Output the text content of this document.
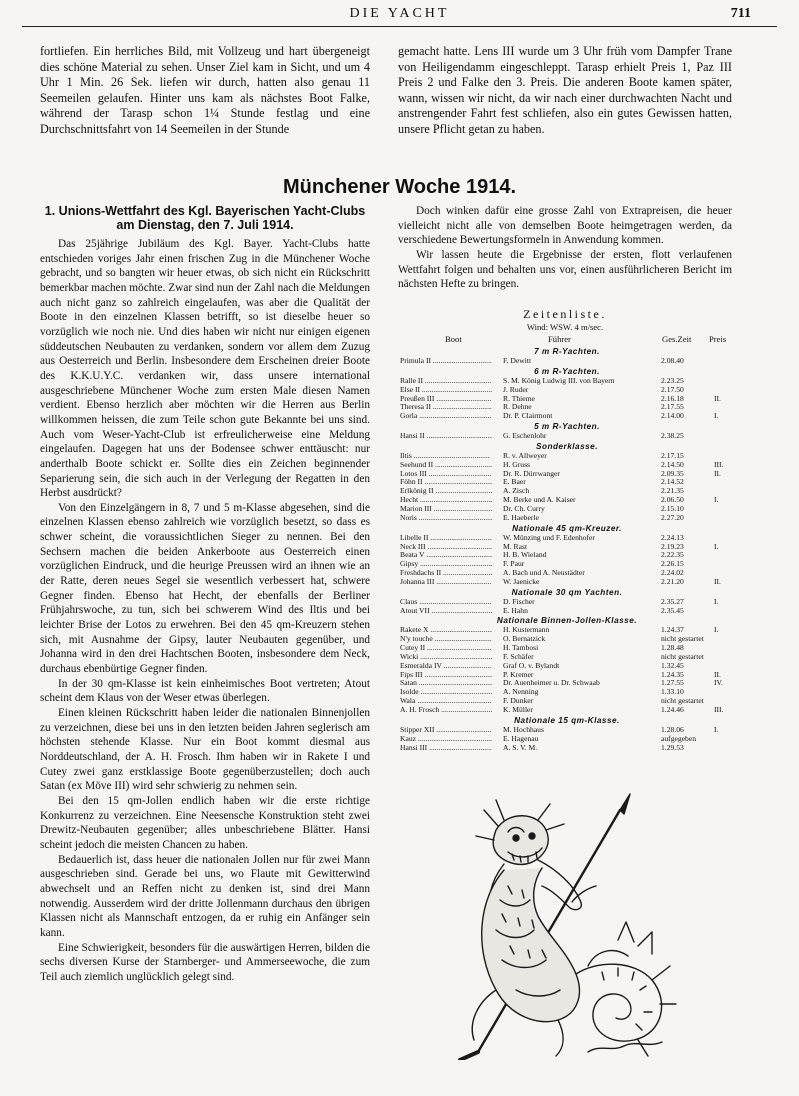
DIE YACHT	711

fortliefen. Ein herrliches Bild, mit Vollzeug und hart übergeneigt dies schöne Material zu sehen. Unser Ziel kam in Sicht, und um 4 Uhr 1 Min. 26 Sek. liefen wir durch, hatten also genau 11 Seemeilen gelaufen. Hinter uns kam als nächstes Boot Falke, während der Tarasp schon 1¼ Stunde festlag und eine Durchschnittsfahrt von 14 Seemeilen in der Stunde

gemacht hatte. Lens III wurde um 3 Uhr früh vom Dampfer Trane von Heiligendamm eingeschleppt. Tarasp erhielt Preis 1, Paz III Preis 2 und Falke den 3. Preis. Die anderen Boote kamen später, wann, wissen wir nicht, da wir nach einer durchwachten Nacht und anstrengender Fahrt fest schliefen, also ein gutes Gewissen hatten, unsere Pflicht getan zu haben.

Münchener Woche 1914.
1. Unions-Wettfahrt des Kgl. Bayerischen Yacht-Clubs am Dienstag, den 7. Juli 1914.

Das 25jährige Jubiläum des Kgl. Bayer. Yacht-Clubs hatte entschieden voriges Jahr einen frischen Zug in die Münchener Woche gebracht, und so bangten wir heuer etwas, ob sich nicht ein Rückschritt bemerkbar machen möchte. Zwar sind nun der Zahl nach die Meldungen auch nicht ganz so zahlreich eingelaufen, was aber die Qualität der Boote in den einzelnen Klassen betrifft, so ist dieselbe heuer so vorzüglich wie noch nie. Und dies haben wir nicht nur einigen eigenen süddeutschen Neubauten zu verdanken, sondern vor allem dem Zuzug aus Oesterreich und Berlin. Insbesondere dem Erscheinen dreier Boote des K.K.U.Y.C. verdanken wir, dass unsere international ausgeschriebene Münchener Woche zum ersten Male diesen Namen verdient. Ebenso herzlich aber möchten wir die Herren aus Berlin willkommen heissen, die zum Teile schon gute Bekannte bei uns sind. Auch vom Weser-Yacht-Club ist erfreulicherweise eine Meldung eingelaufen. Dagegen hat uns der Bodensee schwer enttäuscht: nur anderthalb Boote schickt er. Sollte dies ein Zeichen beginnender Separierung sein, die sich auch in der Verlegung der Regatten in den Herbst ausdrückt?

Von den Einzelgängern in 8, 7 und 5 m-Klasse abgesehen, sind die einzelnen Klassen ebenso zahlreich wie vorzüglich besetzt, so dass es schwer scheint, die voraussichtlichen Sieger zu nennen. Bei den Sechsern machen die beiden Ankerboote aus Oesterreich einen vorzüglichen Eindruck, und die heurige Preussen wird an ihnen wie an der Ratte, deren neues Segel sie wesentlich verbessert hat, schwere Gegner finden. Ebenso hat Hecht, der ebenfalls der Berliner Frühjahrswoche, zu tun, sich bei schwerem Wind des Iltis und bei leichter Brise der Lotos zu erwehren. Bei den 45 qm-Kreuzern stehen sich, mit Ausnahme der Gipsy, lauter Neubauten gegenüber, und Johanna wird in den drei Hachtschen Booten, insbesondere dem Neck, durchaus ebenbürtige Gegner finden.

In der 30 qm-Klasse ist kein einheimisches Boot vertreten; Atout scheint dem Klaus von der Weser etwas überlegen.

Einen kleinen Rückschritt haben leider die nationalen Binnenjollen zu verzeichnen, diese bei uns in den letzten beiden Jahren seglerisch am höchsten stehende Klasse. Nur ein Boot kommt diesmal aus Norddeutschland, der A. H. Frosch. Ihm haben wir in Rakete I und Cutey zwei ganz erstklassige Boote gegenüberzustellen; doch auch Satan (ex Möve III) wird sehr schwierig zu nehmen sein.

Bei den 15 qm-Jollen endlich haben wir die erste richtige Konkurrenz zu verzeichnen. Eine Neesensche Konstruktion steht zwei Drewitz-Neubauten gegenüber; alles unbeschriebene Blätter. Hansi scheint jedoch die meisten Chancen zu haben.

Bedauerlich ist, dass heuer die nationalen Jollen nur für zwei Mann ausgeschrieben sind. Gerade bei uns, wo Flaute mit Gewitterwind abwechselt und an Reffen nicht zu denken ist, sind drei Mann notwendig. Ausserdem wird der dritte Jollenmann durchaus den übrigen Klassen nicht als Mannschaft entzogen, da er ruhig ein Anfänger sein kann.

Eine Schwierigkeit, besonders für die auswärtigen Herren, bilden die sechs diversen Kurse der Starnberger- und Ammerseewoche, die zum Teil auch ziemlich unglücklich gelegt sind.

Doch winken dafür eine grosse Zahl von Extrapreisen, die heuer vielleicht nicht alle von demselben Boote heimgetragen werden, da verschiedene Bewertungsformeln in Anwendung kommen.

Wir lassen heute die Ergebnisse der ersten, flott verlaufenen Wettfahrt folgen und behalten uns vor, einen ausführlicheren Bericht im nächsten Hefte zu bringen.

Zeitenliste.
Wind: WSW. 4 m/sec.
Boot	Führer	Ges.Zeit Preis
7 m R-Yachten.
Primula II .....	F. Dewitt	2.08.40
6 m R-Yachten.
Ralle II .....	S. M. König Ludwig III. von Bayern	2.23.25
Else II .....	J. Ruder	2.17.50
Preußen III .....	R. Thieme	2.16.18	II.
Theresa II .....	R. Dehne	2.17.55
Gorla .....	Dr. P. Clairmont	2.14.00	I.
5 m R-Yachten.
Hansi II .....	G. Eschenlohr	2.38.25
Sonderklasse.
Iltis .....	R. v. Allweyer	2.17.15
Seehund II .....	H. Gruss	2.14.50	III.
Lotos III .....	Dr. R. Dürrwanger	2.09.35	II.
Föhn II .....	E. Baer	2.14.52
Erlkönig II .....	A. Zisch	2.21.35
Hecht .....	M. Berke und A. Kaiser	2.06.50	I.
Marion III .....	Dr. Ch. Curry	2.15.10
Noris .....	E. Haeberle	2.27.20
Nationale 45 qm-Kreuzer.
Libelle II .....	W. Münzing und F. Edenhofer	2.24.13
Neck III .....	M. Rast	2.19.23	I.
Beata V .....	H. B. Wieland	2.22.35
Gipsy .....	F. Paur	2.26.15
Freshdachs II .....	A. Bach und A. Neustädter	2.24.02
Johanna III .....	W. Jaenicke	2.21.20	II.
Nationale 30 qm Yachten.
Claus .....	D. Fischer	2.35.27	I.
Atout VII .....	E. Hahn	2.35.45
Nationale Binnen-Jollen-Klasse.
Rakete X .....	H. Kustermann	1.24.37	I.
N'y touche .....	O. Bernatzick	nicht gestartet
Cutey II .....	H. Tambosi	1.28.48
Wicki .....	F. Schäfer	nicht gestartet
Esmeralda IV .....	Graf O. v. Bylandt	1.32.45
Fips III .....	P. Kremer	1.24.35	II.
Satan .....	Dr. Auenheimer u. Dr. Schwaab	1.27.55	IV.
Isolde .....	A. Nenning	1.33.10
Wala .....	F. Dunker	nicht gestartet
A. H. Frosch .....	K. Müller	1.24.46	III.
Nationale 15 qm-Klasse.
Stipper XII .....	M. Hochhaus	1.28.06	I.
Kauz .....	E. Hagenau	aufgegeben
Hansi III .....	A. S. V. M.	1.29.53
